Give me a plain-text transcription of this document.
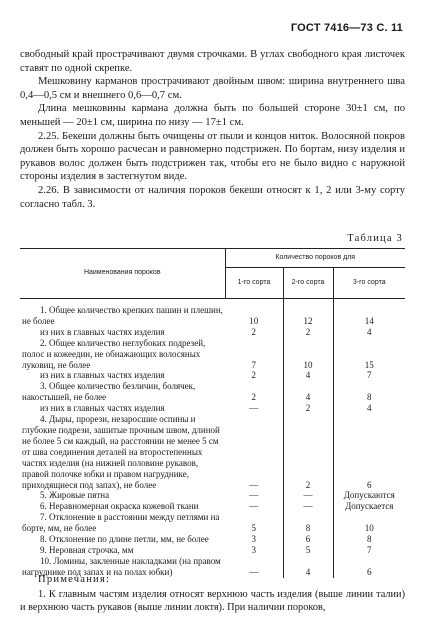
ГОСТ 7416—73 С. 11

свободный край прострачивают двумя строчками. В углах свободного края листочек ставят по одной скрепке.

Мешковину карманов прострачивают двойным швом: ширина внутреннего шва 0,4—0,5 см и внешнего 0,6—0,7 см.

Длина мешковины кармана должна быть по большей стороне 30±1 см, по меньшей — 20±1 см, ширина по низу — 17±1 см.

2.25. Бекеши должны быть очищены от пыли и концов ниток. Волосяной покров должен быть хорошо расчесан и равномерно подстрижен. По бортам, низу изделия и рукавов волос должен быть подстрижен так, чтобы его не было видно с наружной стороны изделия в застегнутом виде.

2.26. В зависимости от наличия пороков бекеши относят к 1, 2 или 3-му сорту согласно табл. 3.

Таблица 3
Наименования пороков	Количество пороков для		
	1-го сорта	2-го сорта	3-го сорта

1. Общее количество крепких пашин и плешин, не более	10	12	14
из них в главных частях изделия	2	2	4
2. Общее количество неглубоких подрезей, полос и кожеедин, не обнажающих волосяных луковиц, не более	7	10	15
из них в главных частях изделия	2	4	7
3. Общее количество безличин, болячек, накостышей, не более	2	4	8
из них в главных частях изделия	—	2	4
4. Дыры, прорези, незаросшие оспины и глубокие подрези, зашитые прочным швом, длиной не более 5 см каждый, на расстоянии не менее 5 см от шва соединения деталей на второстепенных частях изделия (на нижней половине рукавов, правой полочке юбки и правом нагруднике, приходящиеся под запах), не более	—	2	6
5. Жировые пятна	—	—	Допускаются
6. Неравномерная окраска кожевой ткани	—	—	Допускается
7. Отклонение в расстоянии между петлями на борте, мм, не более	5	8	10
8. Отклонение по длине петли, мм, не более	3	6	8
9. Неровная строчка, мм	3	5	7
10. Ломины, закленные накладками (на правом нагруднике под запах и на полах юбки)	—	4	6
Примечания:

1. К главным частям изделия относят верхнюю часть изделия (выше линии талии) и верхнюю часть рукавов (выше линии локтя). При наличии пороков,
